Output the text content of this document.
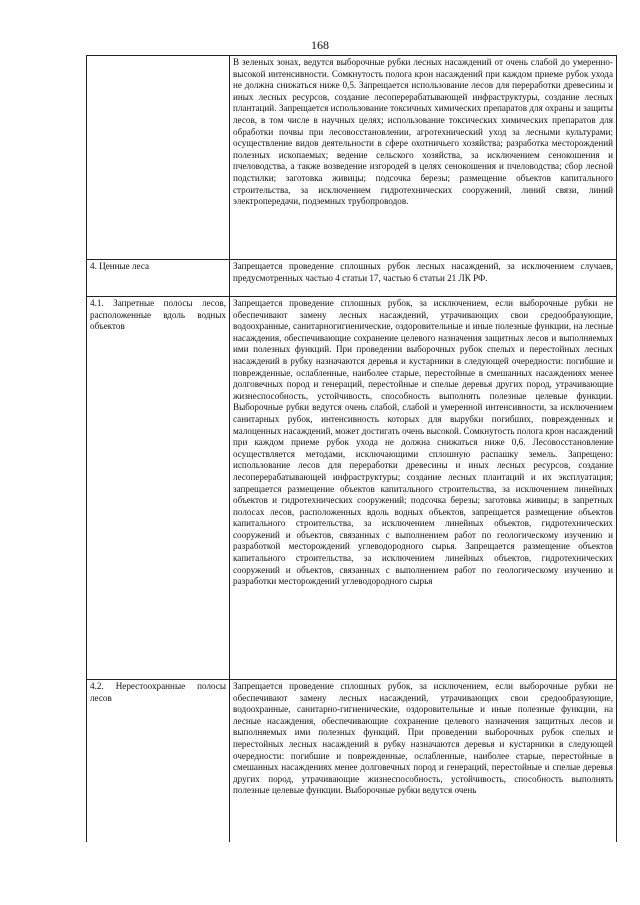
168
	В зеленых зонах, ведутся выборочные рубки лесных насаждений от очень слабой до умеренно-высокой интенсивности. Сомкнутость полога крон насаждений при каждом приеме рубок ухода не должна снижаться ниже 0,5. Запрещается использование лесов для переработки древесины и иных лесных ресурсов, создание лесоперерабатывающей инфраструктуры, создание лесных плантаций. Запрещается использование токсичных химических препаратов для охраны и защиты лесов, в том числе в научных целях; использование токсических химических препаратов для обработки почвы при лесовосстановлении, агротехнический уход за лесными культурами; осуществление видов деятельности в сфере охотничьего хозяйства; разработка месторождений полезных ископаемых; ведение сельского хозяйства, за исключением сенокошения и пчеловодства, а также возведение изгородей в целях сенокошения и пчеловодства; сбор лесной подстилки; заготовка живицы; подсочка березы; размещение объектов капитального строительства, за исключением гидротехнических сооружений, линий связи, линий электропередачи, подземных трубопроводов.
4. Ценные леса	Запрещается проведение сплошных рубок лесных насаждений, за исключением случаев, предусмотренных частью 4 статьи 17, частью 6 статьи 21 ЛК РФ.
4.1. Запретные полосы лесов, расположенные вдоль водных объектов	Запрещается проведение сплошных рубок, за исключением, если выборочные рубки не обеспечивают замену лесных насаждений, утрачивающих свои средообразующие, водоохранные, санитарногигиенические, оздоровительные и иные полезные функции, на лесные насаждения, обеспечивающие сохранение целевого назначения защитных лесов и выполняемых ими полезных функций. При проведении выборочных рубок спелых и перестойных лесных насаждений в рубку назначаются деревья и кустарники в следующей очередности: погибшие и поврежденные, ослабленные, наиболее старые, перестойные в смешанных насаждениях менее долговечных пород и генераций, перестойные и спелые деревья других пород, утрачивающие жизнеспособность, устойчивость, способность выполнять полезные целевые функции. Выборочные рубки ведутся очень слабой, слабой и умеренной интенсивности, за исключением санитарных рубок, интенсивность которых для вырубки погибших, поврежденных и малоценных насаждений, может достигать очень высокой. Сомкнутость полога крон насаждений при каждом приеме рубок ухода не должна снижаться ниже 0,6. Лесовосстановление осуществляется методами, исключающими сплошную распашку земель. Запрещено: использование лесов для переработки древесины и иных лесных ресурсов, создание лесоперерабатывающей инфраструктуры; создание лесных плантаций и их эксплуатация; запрещается размещение объектов капитального строительства, за исключением линейных объектов и гидротехнических сооружений; подсочка березы; заготовка живицы; в запретных полосах лесов, расположенных вдоль водных объектов, запрещается размещение объектов капитального строительства, за исключением линейных объектов, гидротехнических сооружений и объектов, связанных с выполнением работ по геологическому изучению и разработкой месторождений углеводородного сырья. Запрещается размещение объектов капитального строительства, за исключением линейных объектов, гидротехнических сооружений и объектов, связанных с выполнением работ по геологическому изучению и разработки месторождений углеводородного сырья
4.2. Нерестоохранные полосы лесов	Запрещается проведение сплошных рубок, за исключением, если выборочные рубки не обеспечивают замену лесных насаждений, утрачивающих свои средообразующие, водоохранные, санитарно-гигиенические, оздоровительные и иные полезные функции, на лесные насаждения, обеспечивающие сохранение целевого назначения защитных лесов и выполняемых ими полезных функций. При проведении выборочных рубок спелых и перестойных лесных насаждений в рубку назначаются деревья и кустарники в следующей очередности: погибшие и поврежденные, ослабленные, наиболее старые, перестойные в смешанных насаждениях менее долговечных пород и генераций, перестойные и спелые деревья других пород, утрачивающие жизнеспособность, устойчивость, способность выполнять полезные целевые функции. Выборочные рубки ведутся очень
